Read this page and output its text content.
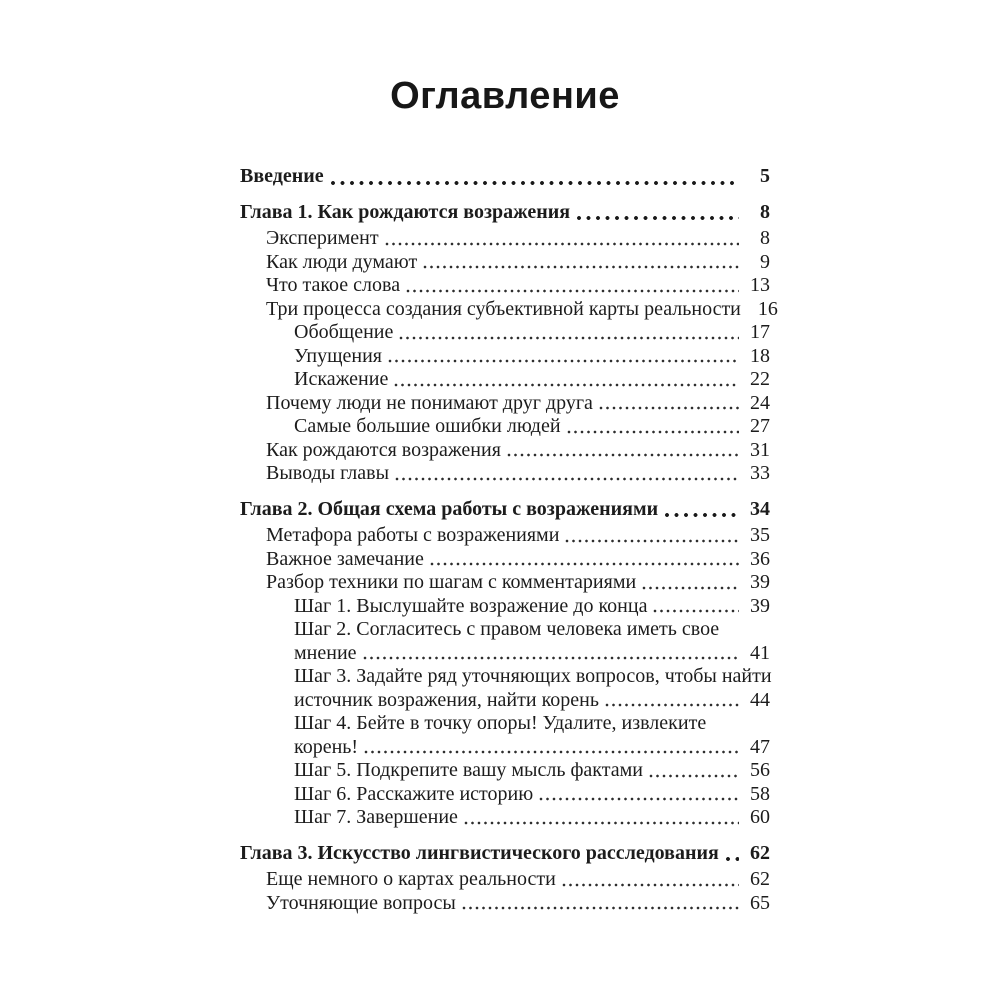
Оглавление
Введение	5
Глава 1. Как рождаются возражения	8
Эксперимент	8
Как люди думают	9
Что такое слова	13
Три процесса создания субъективной карты реальности 16
Обобщение	17
Упущения	18
Искажение	22
Почему люди не понимают друг друга	24
Самые большие ошибки людей	27
Как рождаются возражения	31
Выводы главы	33
Глава 2. Общая схема работы с возражениями	34
Метафора работы с возражениями	35
Важное замечание	36
Разбор техники по шагам с комментариями	39
Шаг 1. Выслушайте возражение до конца	39
Шаг 2. Согласитесь с правом человека иметь свое
мнение	41
Шаг 3. Задайте ряд уточняющих вопросов, чтобы найти
источник возражения, найти корень	44
Шаг 4. Бейте в точку опоры! Удалите, извлеките
корень!	47
Шаг 5. Подкрепите вашу мысль фактами	56
Шаг 6. Расскажите историю	58
Шаг 7. Завершение	60
Глава 3. Искусство лингвистического расследования	62
Еще немного о картах реальности	62
Уточняющие вопросы	65
